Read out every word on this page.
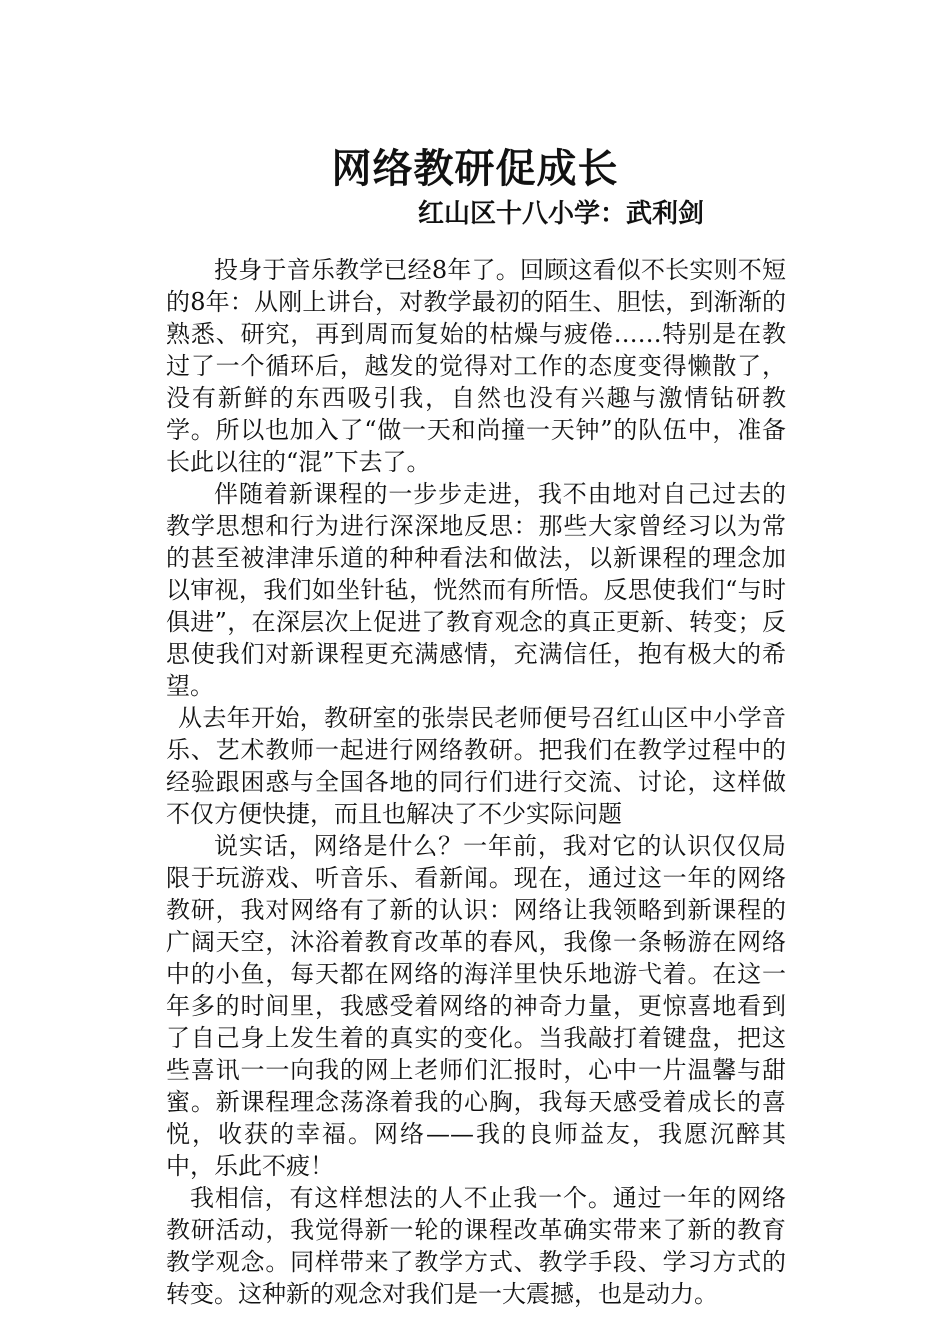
网络教研促成长
红山区十八小学：武利剑

投身于音乐教学已经8年了。回顾这看似不长实则不短的8年：从刚上讲台，对教学最初的陌生、胆怯，到渐渐的熟悉、研究，再到周而复始的枯燥与疲倦……特别是在教过了一个循环后，越发的觉得对工作的态度变得懒散了，没有新鲜的东西吸引我，自然也没有兴趣与激情钻研教学。所以也加入了“做一天和尚撞一天钟”的队伍中，准备长此以往的“混”下去了。

伴随着新课程的一步步走进，我不由地对自己过去的教学思想和行为进行深深地反思：那些大家曾经习以为常的甚至被津津乐道的种种看法和做法，以新课程的理念加以审视，我们如坐针毡，恍然而有所悟。反思使我们“与时俱进”，在深层次上促进了教育观念的真正更新、转变；反思使我们对新课程更充满感情，充满信任，抱有极大的希望。

从去年开始，教研室的张崇民老师便号召红山区中小学音乐、艺术教师一起进行网络教研。把我们在教学过程中的经验跟困惑与全国各地的同行们进行交流、讨论，这样做不仅方便快捷，而且也解决了不少实际问题

说实话，网络是什么？一年前，我对它的认识仅仅局限于玩游戏、听音乐、看新闻。现在，通过这一年的网络教研，我对网络有了新的认识：网络让我领略到新课程的广阔天空，沐浴着教育改革的春风，我像一条畅游在网络中的小鱼，每天都在网络的海洋里快乐地游弋着。在这一年多的时间里，我感受着网络的神奇力量，更惊喜地看到了自己身上发生着的真实的变化。当我敲打着键盘，把这些喜讯一一向我的网上老师们汇报时，心中一片温馨与甜蜜。新课程理念荡涤着我的心胸，我每天感受着成长的喜悦，收获的幸福。网络——我的良师益友，我愿沉醉其中，乐此不疲！

我相信，有这样想法的人不止我一个。通过一年的网络教研活动，我觉得新一轮的课程改革确实带来了新的教育教学观念。同样带来了教学方式、教学手段、学习方式的转变。这种新的观念对我们是一大震撼，也是动力。
